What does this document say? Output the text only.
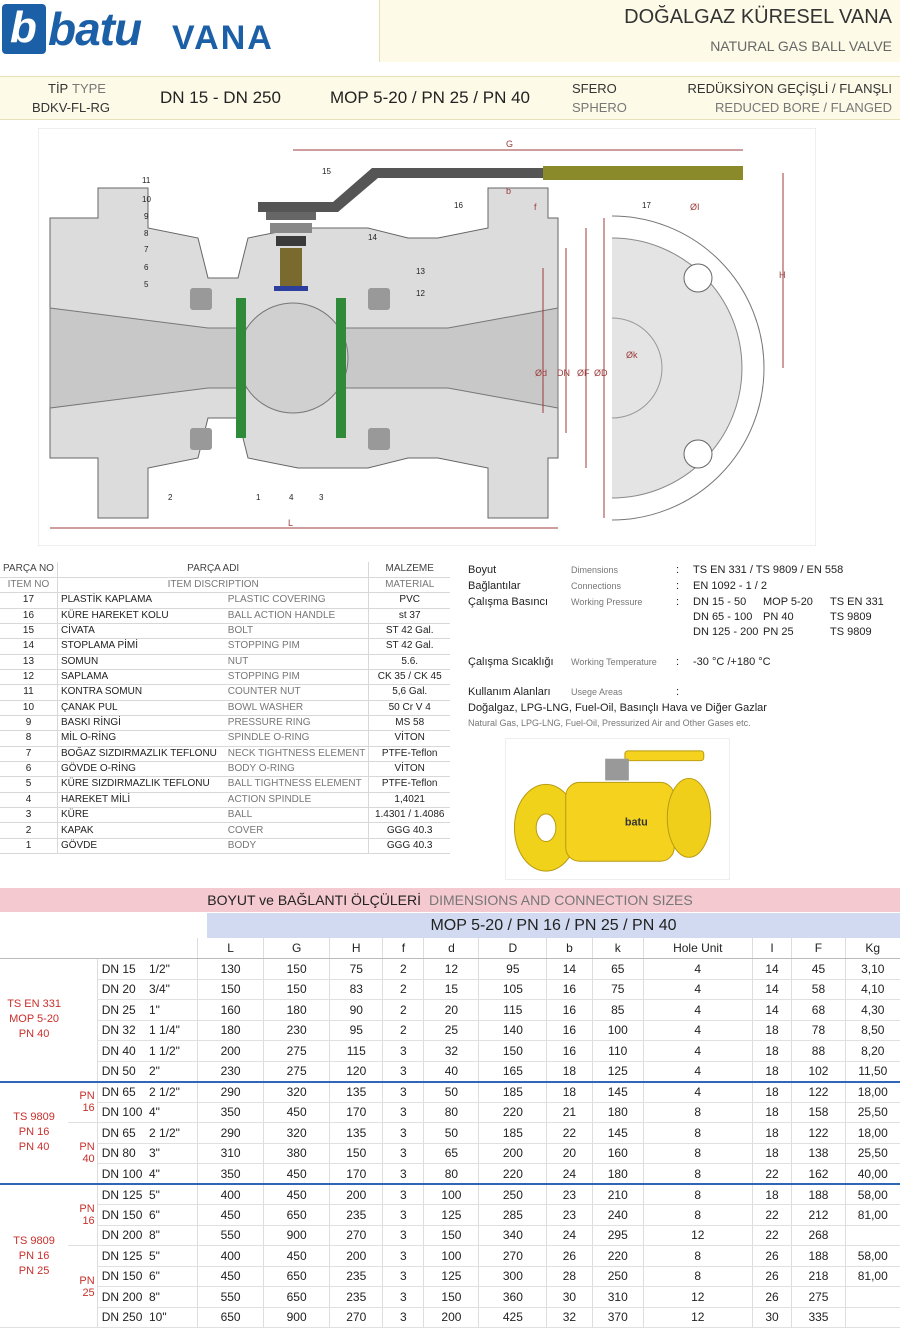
b batu VANA
DOĞALGAZ KÜRESEL VANA
NATURAL GAS BALL VALVE
TİP TYPE
BDKV-FL-RG
DN 15 - DN 250	MOP 5-20 / PN 25 / PN 40	SFERO
SPHERO
REDÜKSİYON GEÇİŞLİ / FLANŞLI
REDUCED BORE / FLANGED
11
10
9
8
7
6
5
15
14
16	17
13
12
2	1	4	3
G
b
f	ØI
H
Øk
Ød DN ØF ØD
L
PARÇA NO	PARÇA ADI		MALZEME
ITEM NO	ITEM DISCRIPTION		MATERIAL
17	PLASTİK KAPLAMA	PLASTIC COVERING	PVC
16	KÜRE HAREKET KOLU	BALL ACTION HANDLE	st 37
15	CİVATA	BOLT	ST 42 Gal.
14	STOPLAMA PİMİ	STOPPING PIM	ST 42 Gal.
13	SOMUN	NUT	5.6.
12	SAPLAMA	STOPPING PIM	CK 35 / CK 45
11	KONTRA SOMUN	COUNTER NUT	5,6 Gal.
10	ÇANAK PUL	BOWL WASHER	50 Cr V 4
9	BASKI RİNGİ	PRESSURE RING	MS 58
8	MİL O-RİNG	SPINDLE O-RING	VİTON
7	BOĞAZ SIZDIRMAZLIK TEFLONU	NECK TIGHTNESS ELEMENT	PTFE-Teflon
6	GÖVDE O-RİNG	BODY O-RING	VİTON
5	KÜRE SIZDIRMAZLIK TEFLONU	BALL TIGHTNESS ELEMENT	PTFE-Teflon
4	HAREKET MİLİ	ACTION SPINDLE	1,4021
3	KÜRE	BALL	1.4301 / 1.4086
2	KAPAK	COVER	GGG 40.3
1	GÖVDE	BODY	GGG 40.3
Boyut	Dimensions	: TS EN 331 / TS 9809 / EN 558
Bağlantılar	Connections	: EN 1092 - 1 / 2
Çalışma Basıncı	Working Pressure	: DN 15 - 50 MOP 5-20 TS EN 331
DN 65 - 100 PN 40	TS 9809
DN 125 - 200 PN 25	TS 9809
Çalışma Sıcaklığı Working Temperature : -30 °C /+180 °C
Kullanım Alanları Usege Areas	:
Doğalgaz, LPG-LNG, Fuel-Oil, Basınçlı Hava ve Diğer Gazlar
Natural Gas, LPG-LNG, Fuel-Oil, Pressurized Air and Other Gases etc.
batu
BOYUT ve BAĞLANTI ÖLÇÜLERİ DIMENSIONS AND CONNECTION SIZES
MOP 5-20 / PN 16 / PN 25 / PN 40
				L	G	H	f	d	D	b	k	Hole Unit	I	F	Kg

TS EN 331
MOP 5-20
PN 40		DN 15	1/2"	130	150	75	2	12	95	14	65	4	14	45	3,10
		DN 20	3/4"	150	150	83	2	15	105	16	75	4	14	58	4,10
		DN 25	1"	160	180	90	2	20	115	16	85	4	14	68	4,30
		DN 32	1 1/4"	180	230	95	2	25	140	16	100	4	18	78	8,50
		DN 40	1 1/2"	200	275	115	3	32	150	16	110	4	18	88	8,20
		DN 50	2"	230	275	120	3	40	165	18	125	4	18	102	11,50

TS 9809
PN 16
PN 40	PN 16	DN 65	2 1/2"	290	320	135	3	50	185	18	145	4	18	122	18,00
		DN 100	4"	350	450	170	3	80	220	21	180	8	18	158	25,50
	PN 40	DN 65	2 1/2"	290	320	135	3	50	185	22	145	8	18	122	18,00
		DN 80	3"	310	380	150	3	65	200	20	160	8	18	138	25,50
		DN 100	4"	350	450	170	3	80	220	24	180	8	22	162	40,00

TS 9809
PN 16
PN 25	PN 16	DN 125	5"	400	450	200	3	100	250	23	210	8	18	188	58,00
		DN 150	6"	450	650	235	3	125	285	23	240	8	22	212	81,00
		DN 200	8"	550	900	270	3	150	340	24	295	12	22	268	
	PN 25	DN 125	5"	400	450	200	3	100	270	26	220	8	26	188	58,00
		DN 150	6"	450	650	235	3	125	300	28	250	8	26	218	81,00
		DN 200	8"	550	650	235	3	150	360	30	310	12	26	275	
		DN 250	10"	650	900	270	3	200	425	32	370	12	30	335	
